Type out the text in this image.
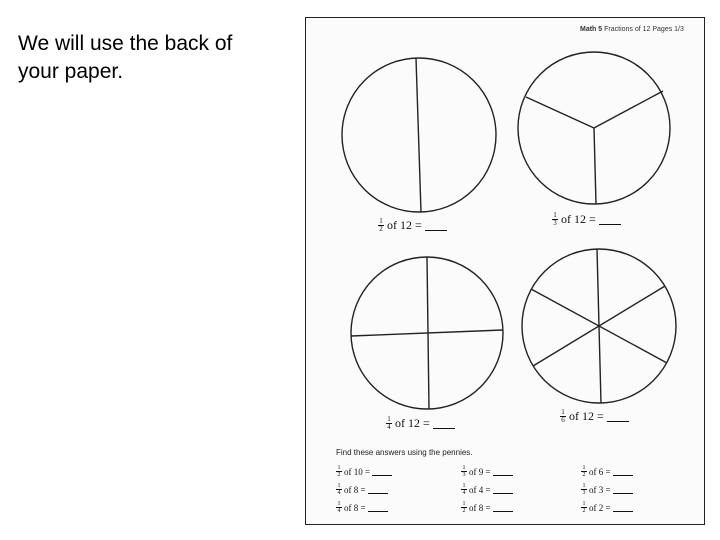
We will use the back of
your paper.
Math 5 Fractions of 12 Pages 1/3
$\frac{1}{2}$ of 12 =	$\frac{1}{3}$ of 12 =
$\frac{1}{4}$ of 12 =	$\frac{1}{6}$ of 12 =
Find these answers using the pennies.
$\frac{1}{2}$ of 10 =	$\frac{1}{3}$ of 9 =	$\frac{1}{2}$ of 6 =
$\frac{1}{4}$ of 8 =	$\frac{1}{4}$ of 4 =	$\frac{1}{3}$ of 3 =
$\frac{1}{4}$ of 8 =	$\frac{1}{2}$ of 8 =	$\frac{1}{2}$ of 2 =
